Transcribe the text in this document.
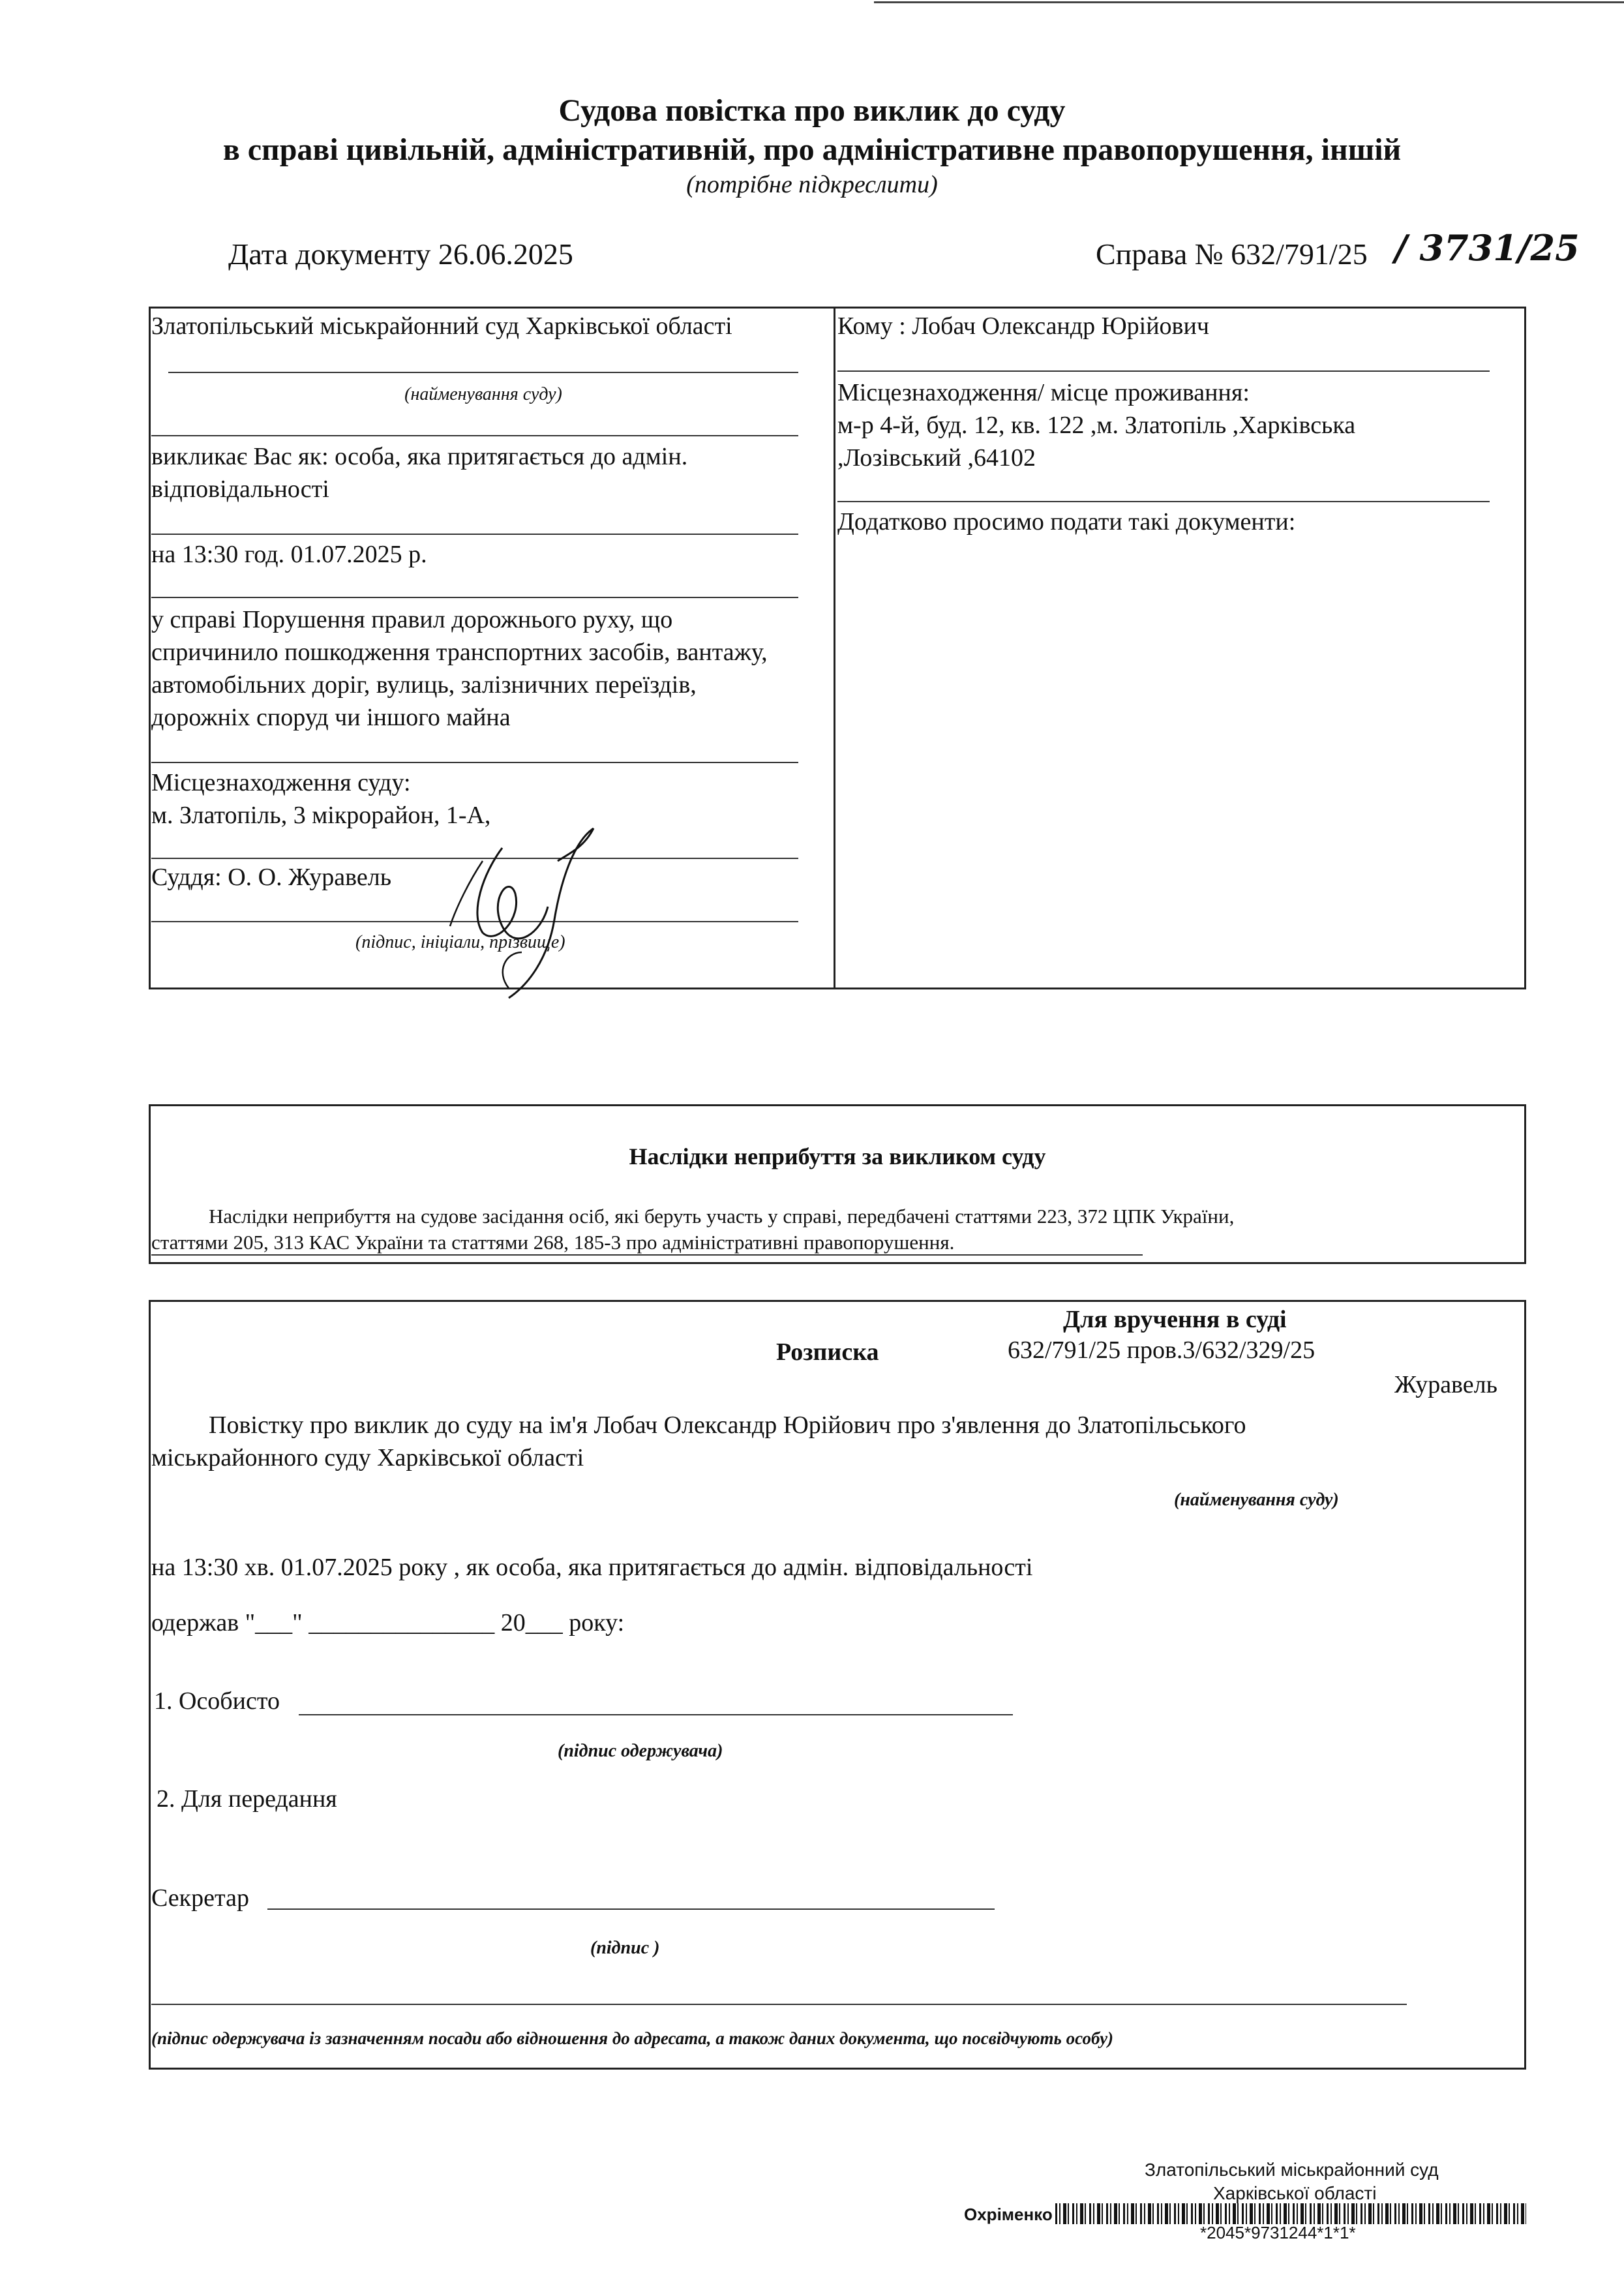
Судова повістка про виклик до суду
в справі цивільній, адміністративній, про адміністративне правопорушення, іншій
(потрібне підкреслити)
Дата документу 26.06.2025	Справа № 632/791/25 / 3731/25
Златопільський міськрайонний суд Харківської області
(найменування суду)
викликає Вас як: особа, яка притягається до адмін.
відповідальності
на 13:30 год. 01.07.2025 р.
у справі Порушення правил дорожнього руху, що
спричинило пошкодження транспортних засобів, вантажу,
автомобільних доріг, вулиць, залізничних переїздів,
дорожніх споруд чи іншого майна
Місцезнаходження суду:
м. Златопіль, 3 мікрорайон, 1-А,
Суддя: О. О. Журавель
(підпис, ініціали, прізвище)
Кому : Лобач Олександр Юрійович
Місцезнаходження/ місце проживання:
м-р 4-й, буд. 12, кв. 122 ,м. Златопіль ,Харківська
,Лозівський ,64102
Додатково просимо подати такі документи:
Наслідки неприбуття за викликом суду
Наслідки неприбуття на судове засідання осіб, які беруть участь у справі, передбачені статтями 223, 372 ЦПК України,
статтями 205, 313 КАС України та статтями 268, 185-3 про адміністративні правопорушення.
Для вручення в суді
Розписка	632/791/25 пров.3/632/329/25
Журавель
Повістку про виклик до суду на ім'я Лобач Олександр Юрійович про з'явлення до Златопільського
міськрайонного суду Харківської області
(найменування суду)
на 13:30 хв. 01.07.2025 року , як особа, яка притягається до адмін. відповідальності
одержав "___" _______________ 20___ року:
1. Особисто
(підпис одержувача)
2. Для передання
Секретар
(підпис )
(підпис одержувача із зазначенням посади або відношення до адресата, а також даних документа, що посвідчують особу)
Златопільський міськрайонний суд
Харківської області
Охріменко
*2045*9731244*1*1*
